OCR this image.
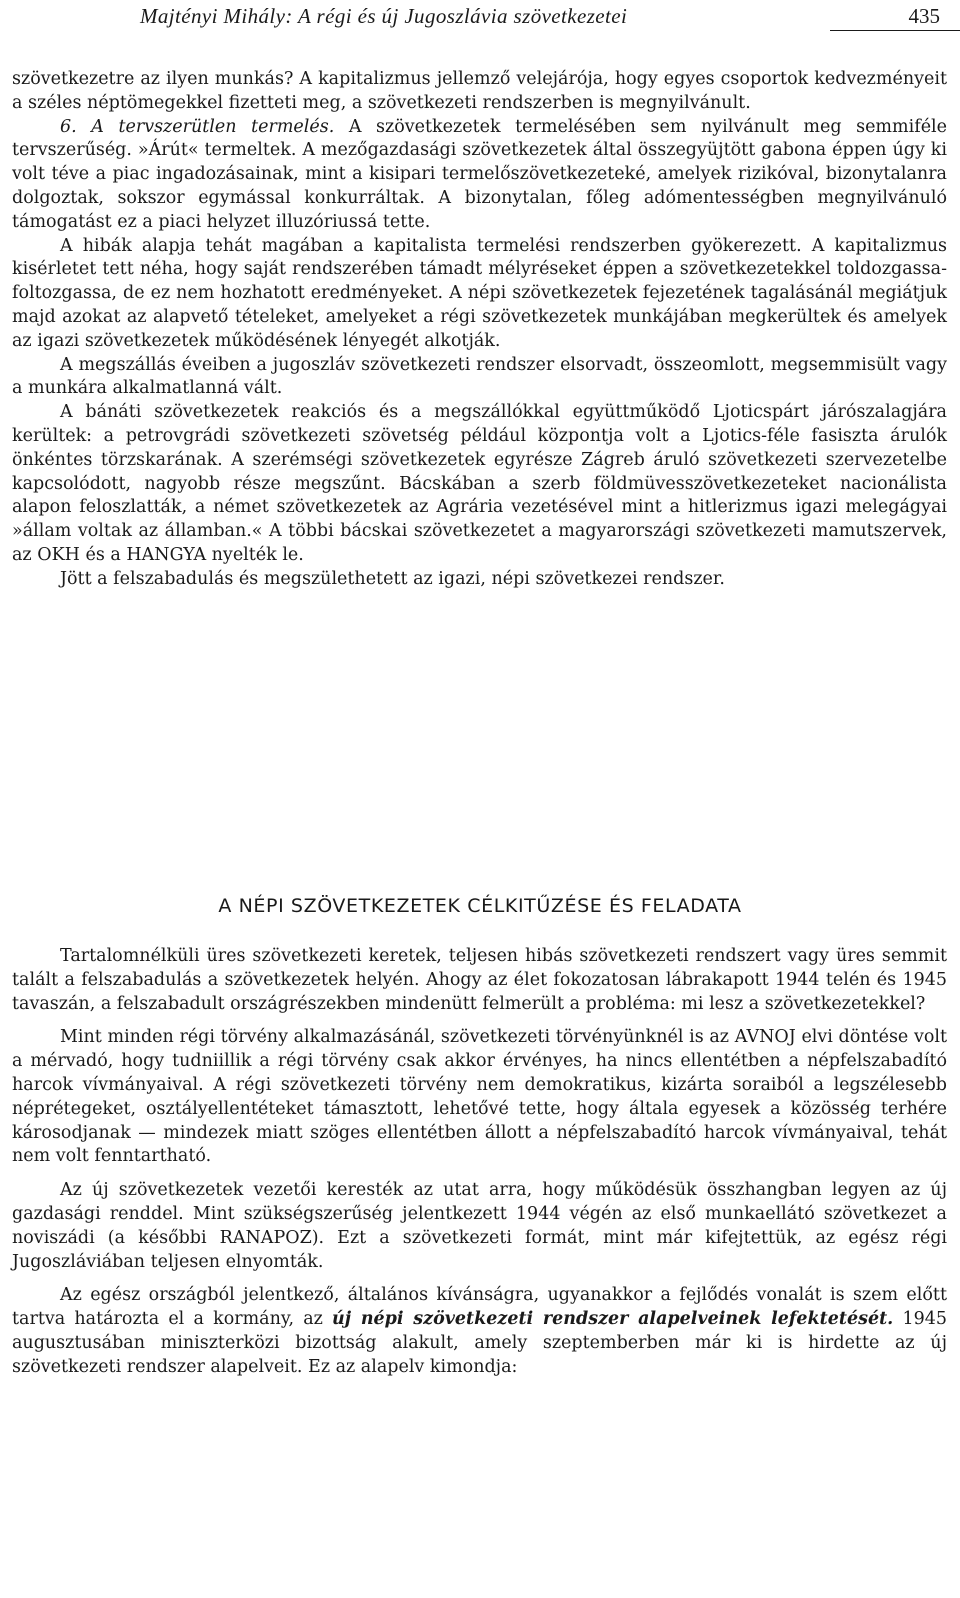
Majtényi Mihály: A régi és új Jugoszlávia szövetkezetei	435

szövetkezetre az ilyen munkás? A kapitalizmus jellemző velejárója, hogy egyes csoportok kedvezményeit a széles néptömegekkel fizetteti meg, a szövetkezeti rendszerben is megnyilvánult.

6. A tervszerütlen termelés. A szövetkezetek termelésében sem nyilvánult meg semmiféle tervszerűség. »Árút« termeltek. A mezőgazdasági szövetkezetek által összegyüjtött gabona éppen úgy ki volt téve a piac ingadozásainak, mint a kisipari termelőszövetkezeteké, amelyek rizikóval, bizonytalanra dolgoztak, sokszor egymással konkurráltak. A bizonytalan, főleg adómentességben megnyilvánuló támogatást ez a piaci helyzet illuzóriussá tette.

A hibák alapja tehát magában a kapitalista termelési rendszerben gyökerezett. A kapitalizmus kisérletet tett néha, hogy saját rendszerében támadt mélyréseket éppen a szövetkezetekkel toldozgassa-foltozgassa, de ez nem hozhatott eredményeket. A népi szövetkezetek fejezetének tagalásánál megiátjuk majd azokat az alapvető tételeket, amelyeket a régi szövetkezetek munkájában megkerültek és amelyek az igazi szövetkezetek működésének lényegét alkotják.

A megszállás éveiben a jugoszláv szövetkezeti rendszer elsorvadt, összeomlott, megsemmisült vagy a munkára alkalmatlanná vált.

A bánáti szövetkezetek reakciós és a megszállókkal együttműködő Ljoticspárt járószalagjára kerültek: a petrovgrádi szövetkezeti szövetség például központja volt a Ljotics-féle fasiszta árulók önkéntes törzskarának. A szerémségi szövetkezetek egyrésze Zágreb áruló szövetkezeti szervezetelbe kapcsolódott, nagyobb része megszűnt. Bácskában a szerb földmüvesszövetkezeteket nacionálista alapon feloszlatták, a német szövetkezetek az Agrária vezetésével mint a hitlerizmus igazi melegágyai »állam voltak az államban.« A többi bácskai szövetkezetet a magyarországi szövetkezeti mamutszervek, az OKH és a HANGYA nyelték le.

Jött a felszabadulás és megszülethetett az igazi, népi szövetkezei rendszer.

A NÉPI SZÖVETKEZETEK CÉLKITŰZÉSE ÉS FELADATA

Tartalomnélküli üres szövetkezeti keretek, teljesen hibás szövetkezeti rendszert vagy üres semmit talált a felszabadulás a szövetkezetek helyén. Ahogy az élet fokozatosan lábrakapott 1944 telén és 1945 tavaszán, a felszabadult országrészekben mindenütt felmerült a probléma: mi lesz a szövetkezetekkel?

Mint minden régi törvény alkalmazásánál, szövetkezeti törvényünknél is az AVNOJ elvi döntése volt a mérvadó, hogy tudniillik a régi törvény csak akkor érvényes, ha nincs ellentétben a népfelszabadító harcok vívmányaival. A régi szövetkezeti törvény nem demokratikus, kizárta soraiból a legszélesebb néprétegeket, osztályellentéteket támasztott, lehetővé tette, hogy általa egyesek a közösség terhére károsodjanak — mindezek miatt szöges ellentétben állott a népfelszabadító harcok vívmányaival, tehát nem volt fenntartható.

Az új szövetkezetek vezetői keresték az utat arra, hogy működésük összhangban legyen az új gazdasági renddel. Mint szükségszerűség jelentkezett 1944 végén az első munkaellátó szövetkezet a noviszádi (a későbbi RANAPOZ). Ezt a szövetkezeti formát, mint már kifejtettük, az egész régi Jugoszláviában teljesen elnyomták.

Az egész országból jelentkező, általános kívánságra, ugyanakkor a fejlődés vonalát is szem előtt tartva határozta el a kormány, az új népi szövetkezeti rendszer alapelveinek lefektetését. 1945 augusztusában miniszterközi bizottság alakult, amely szeptemberben már ki is hirdette az új szövetkezeti rendszer alapelveit. Ez az alapelv kimondja:
